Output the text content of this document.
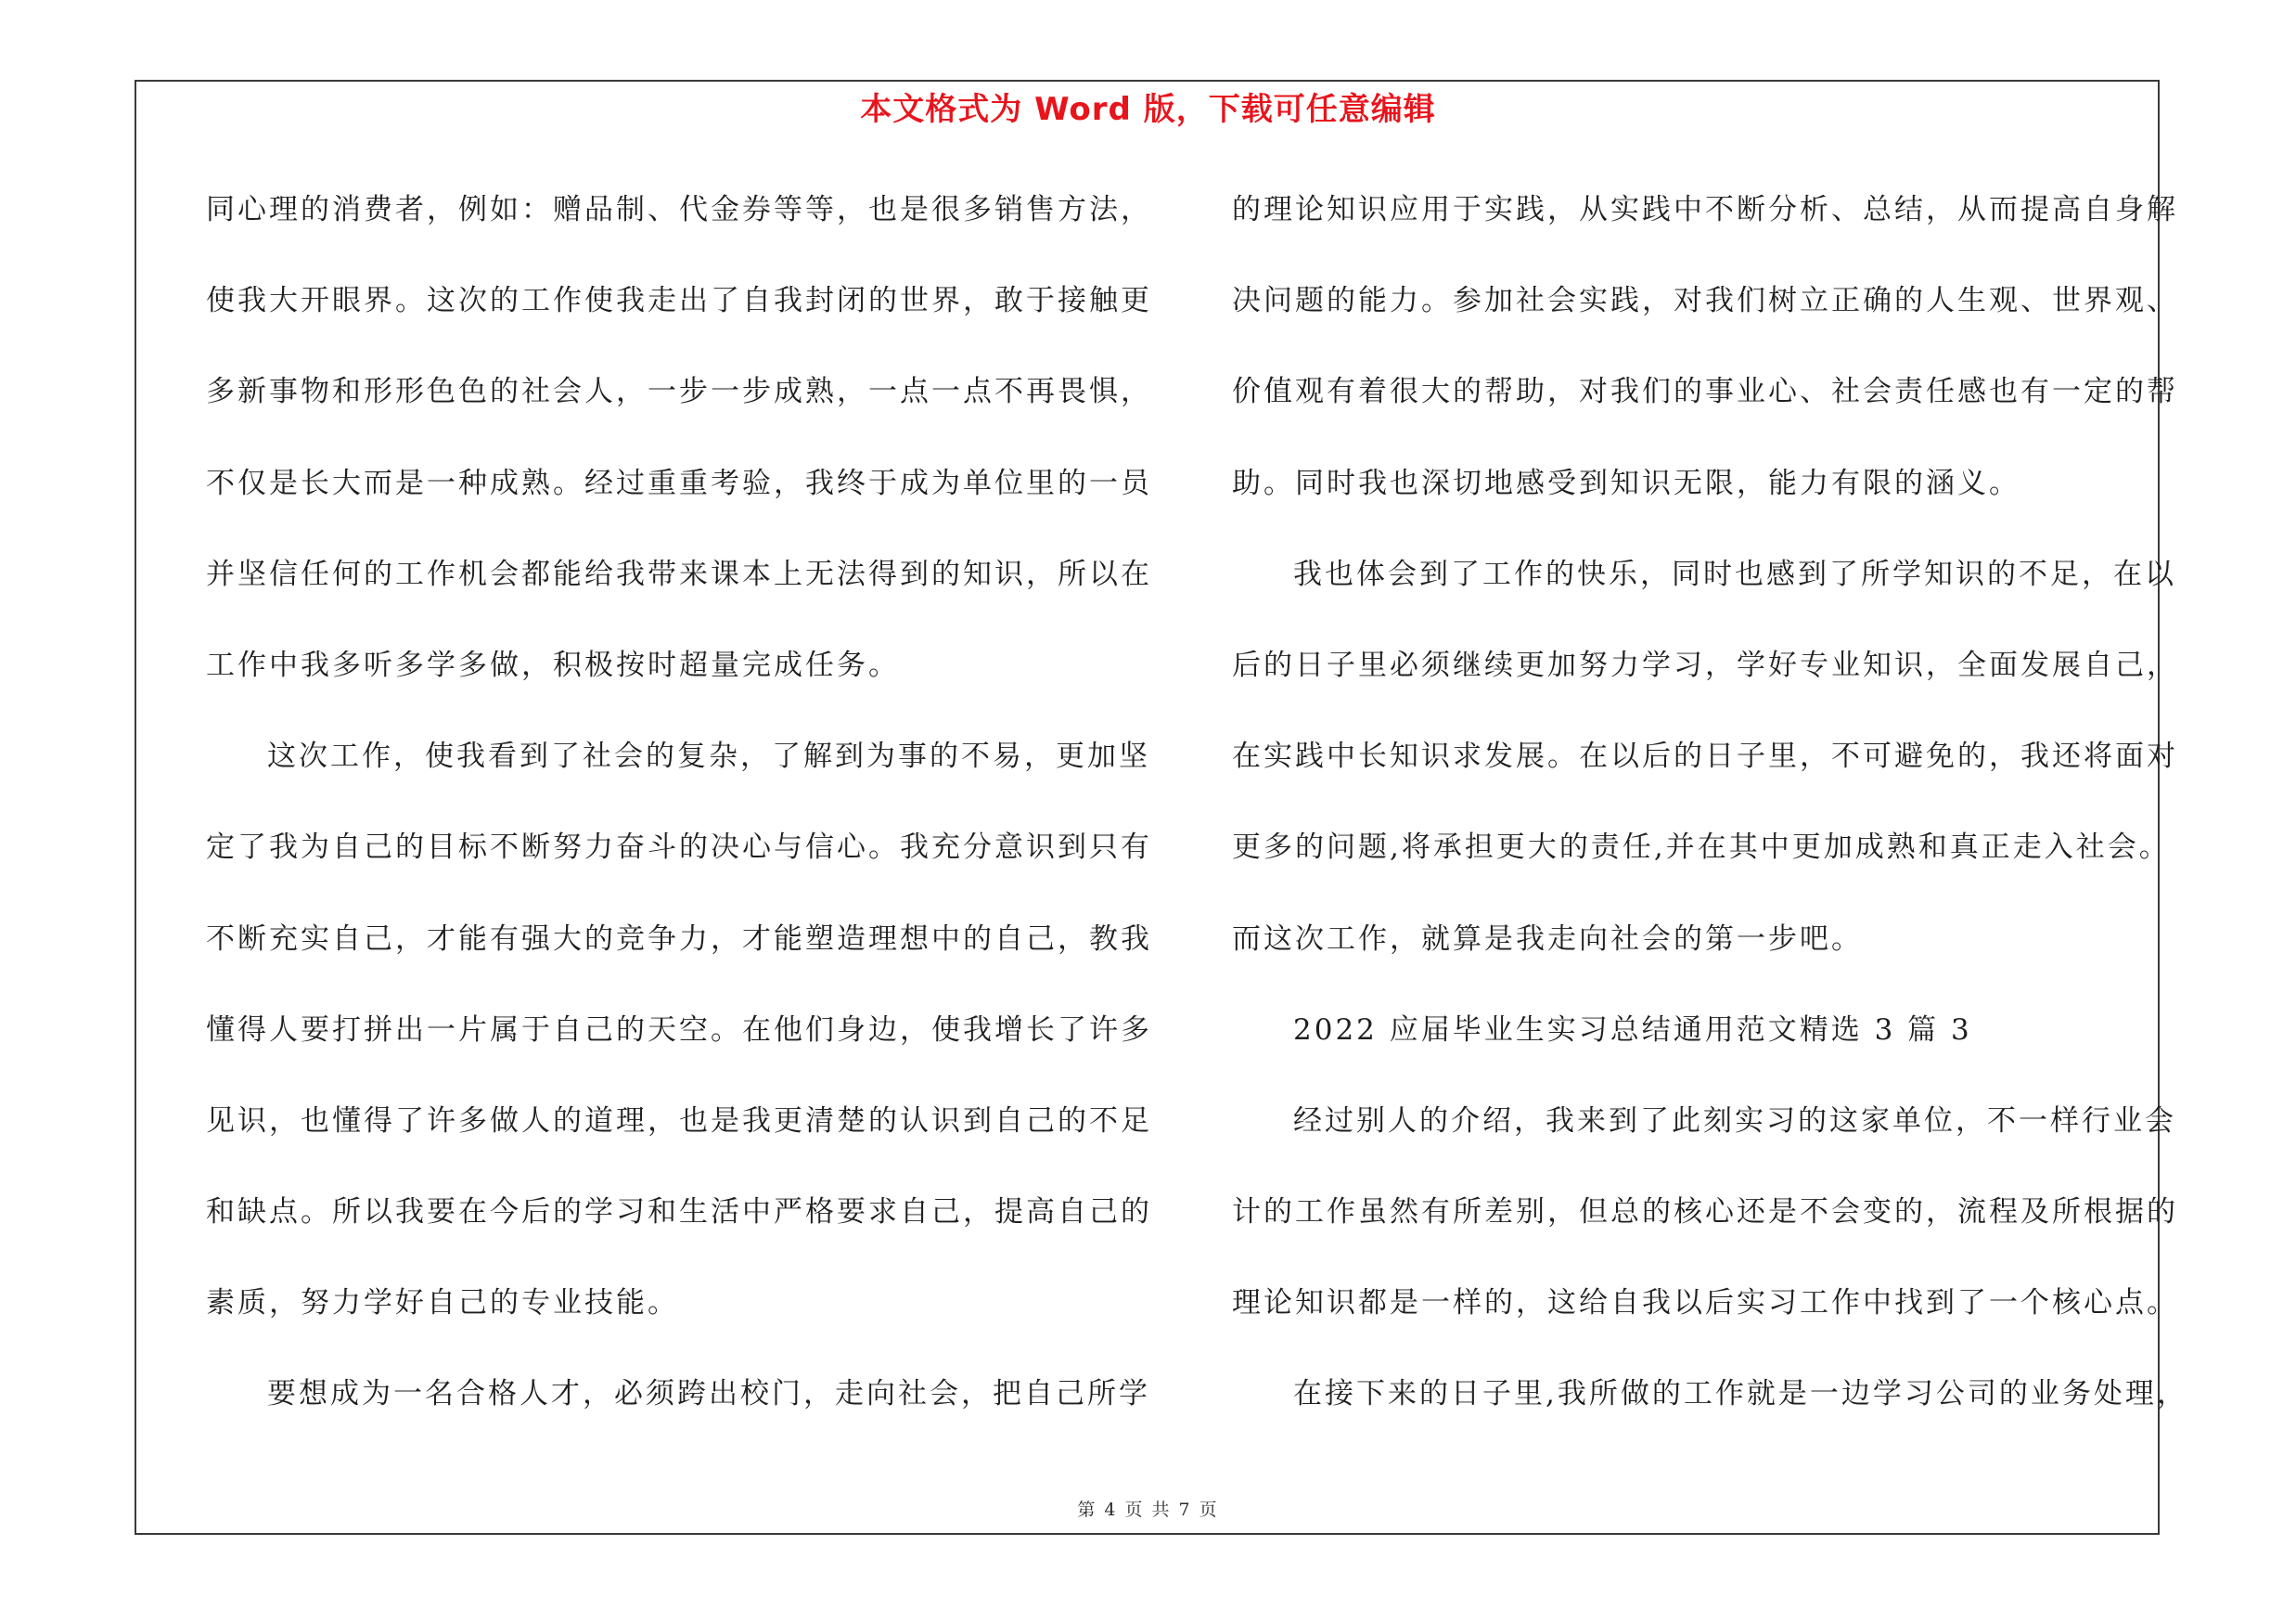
本文格式为 Word 版，下载可任意编辑
同心理的消费者，例如：赠品制、代金券等等，也是很多销售方法，
使我大开眼界。这次的工作使我走出了自我封闭的世界，敢于接触更
多新事物和形形色色的社会人，一步一步成熟，一点一点不再畏惧，
不仅是长大而是一种成熟。经过重重考验，我终于成为单位里的一员
并坚信任何的工作机会都能给我带来课本上无法得到的知识，所以在
工作中我多听多学多做，积极按时超量完成任务。
这次工作，使我看到了社会的复杂，了解到为事的不易，更加坚
定了我为自己的目标不断努力奋斗的决心与信心。我充分意识到只有
不断充实自己，才能有强大的竞争力，才能塑造理想中的自己，教我
懂得人要打拼出一片属于自己的天空。在他们身边，使我增长了许多
见识，也懂得了许多做人的道理，也是我更清楚的认识到自己的不足
和缺点。所以我要在今后的学习和生活中严格要求自己，提高自己的
素质，努力学好自己的专业技能。
要想成为一名合格人才，必须跨出校门，走向社会，把自己所学
的理论知识应用于实践，从实践中不断分析、总结，从而提高自身解
决问题的能力。参加社会实践，对我们树立正确的人生观、世界观、
价值观有着很大的帮助，对我们的事业心、社会责任感也有一定的帮
助。同时我也深切地感受到知识无限，能力有限的涵义。
我也体会到了工作的快乐，同时也感到了所学知识的不足，在以
后的日子里必须继续更加努力学习，学好专业知识，全面发展自己，
在实践中长知识求发展。在以后的日子里，不可避免的，我还将面对
更多的问题,将承担更大的责任,并在其中更加成熟和真正走入社会。
而这次工作，就算是我走向社会的第一步吧。
2022 应届毕业生实习总结通用范文精选 3 篇 3
经过别人的介绍，我来到了此刻实习的这家单位，不一样行业会
计的工作虽然有所差别，但总的核心还是不会变的，流程及所根据的
理论知识都是一样的，这给自我以后实习工作中找到了一个核心点。
在接下来的日子里,我所做的工作就是一边学习公司的业务处理，
第 4 页 共 7 页
